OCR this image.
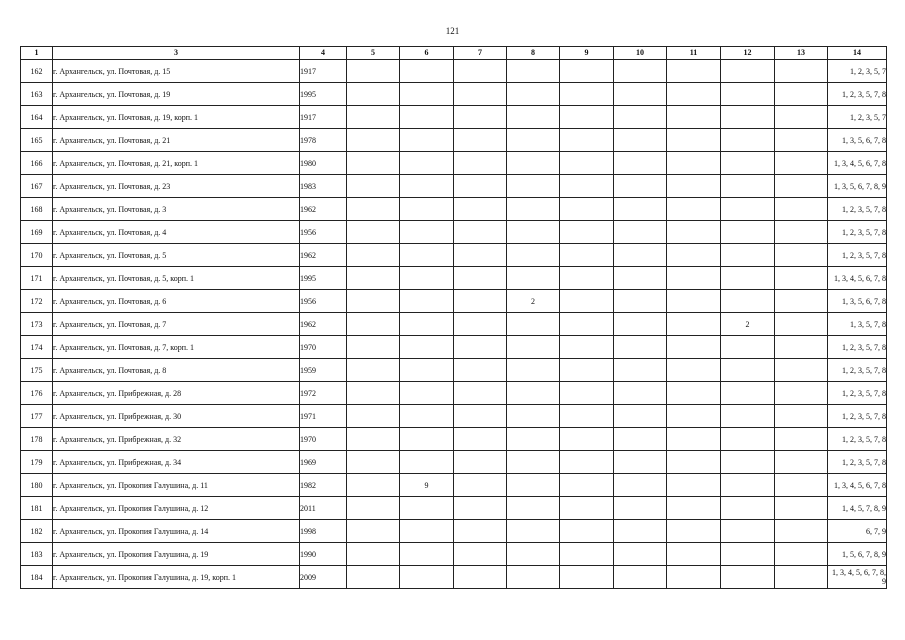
121
1	3	4	5	6	7	8	9	10	11	12	13	14
162	г. Архангельск, ул. Почтовая, д. 15	1917										1, 2, 3, 5, 7
163	г. Архангельск, ул. Почтовая, д. 19	1995										1, 2, 3, 5, 7, 8
164	г. Архангельск, ул. Почтовая, д. 19, корп. 1	1917										1, 2, 3, 5, 7
165	г. Архангельск, ул. Почтовая, д. 21	1978										1, 3, 5, 6, 7, 8
166	г. Архангельск, ул. Почтовая, д. 21, корп. 1	1980										1, 3, 4, 5, 6, 7, 8
167	г. Архангельск, ул. Почтовая, д. 23	1983										1, 3, 5, 6, 7, 8, 9
168	г. Архангельск, ул. Почтовая, д. 3	1962										1, 2, 3, 5, 7, 8
169	г. Архангельск, ул. Почтовая, д. 4	1956										1, 2, 3, 5, 7, 8
170	г. Архангельск, ул. Почтовая, д. 5	1962										1, 2, 3, 5, 7, 8
171	г. Архангельск, ул. Почтовая, д. 5, корп. 1	1995										1, 3, 4, 5, 6, 7, 8
172	г. Архангельск, ул. Почтовая, д. 6	1956				2						1, 3, 5, 6, 7, 8
173	г. Архангельск, ул. Почтовая, д. 7	1962								2		1, 3, 5, 7, 8
174	г. Архангельск, ул. Почтовая, д. 7, корп. 1	1970										1, 2, 3, 5, 7, 8
175	г. Архангельск, ул. Почтовая, д. 8	1959										1, 2, 3, 5, 7, 8
176	г. Архангельск, ул. Прибрежная, д. 28	1972										1, 2, 3, 5, 7, 8
177	г. Архангельск, ул. Прибрежная, д. 30	1971										1, 2, 3, 5, 7, 8
178	г. Архангельск, ул. Прибрежная, д. 32	1970										1, 2, 3, 5, 7, 8
179	г. Архангельск, ул. Прибрежная, д. 34	1969										1, 2, 3, 5, 7, 8
180	г. Архангельск, ул. Прокопия Галушина, д. 11	1982		9								1, 3, 4, 5, 6, 7, 8
181	г. Архангельск, ул. Прокопия Галушина, д. 12	2011										1, 4, 5, 7, 8, 9
182	г. Архангельск, ул. Прокопия Галушина, д. 14	1998										6, 7, 9
183	г. Архангельск, ул. Прокопия Галушина, д. 19	1990										1, 5, 6, 7, 8, 9
184	г. Архангельск, ул. Прокопия Галушина, д. 19, корп. 1	2009										1, 3, 4, 5, 6, 7, 8, 9
